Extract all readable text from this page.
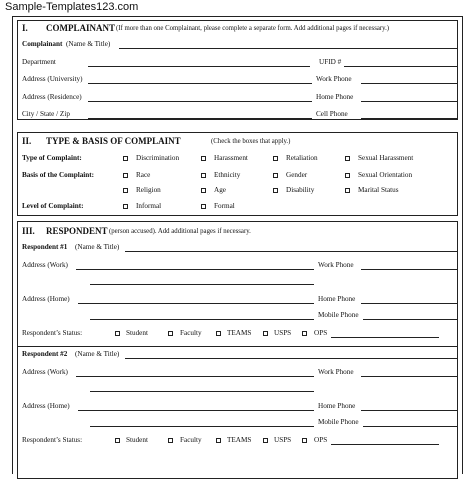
Sample-Templates123.com
I. COMPLAINANT (If more than one Complainant, please complete a separate form. Add additional pages if necessary.)
Complainant (Name & Title)
Department	UFID #
Address (University)	Work Phone
Address (Residence)	Home Phone
City / State / Zip	Cell Phone
II. TYPE & BASIS OF COMPLAINT	(Check the boxes that apply.)
Type of Complaint:	Discrimination	Harassment	Retaliation	Sexual Harassment
Basis of the Complaint:	Race	Ethnicity	Gender	Sexual Orientation
Religion	Age	Disability	Marital Status
Level of Complaint:	Informal	Formal
III. RESPONDENT (person accused). Add additional pages if necessary.
Respondent #1 (Name & Title)
Address (Work)	Work Phone
Address (Home)	Home Phone
Mobile Phone
Respondent’s Status:	Student	Faculty	TEAMS	USPS	OPS
Respondent #2 (Name & Title)
Address (Work)	Work Phone
Address (Home)	Home Phone
Mobile Phone
Respondent’s Status:	Student	Faculty	TEAMS	USPS	OPS
